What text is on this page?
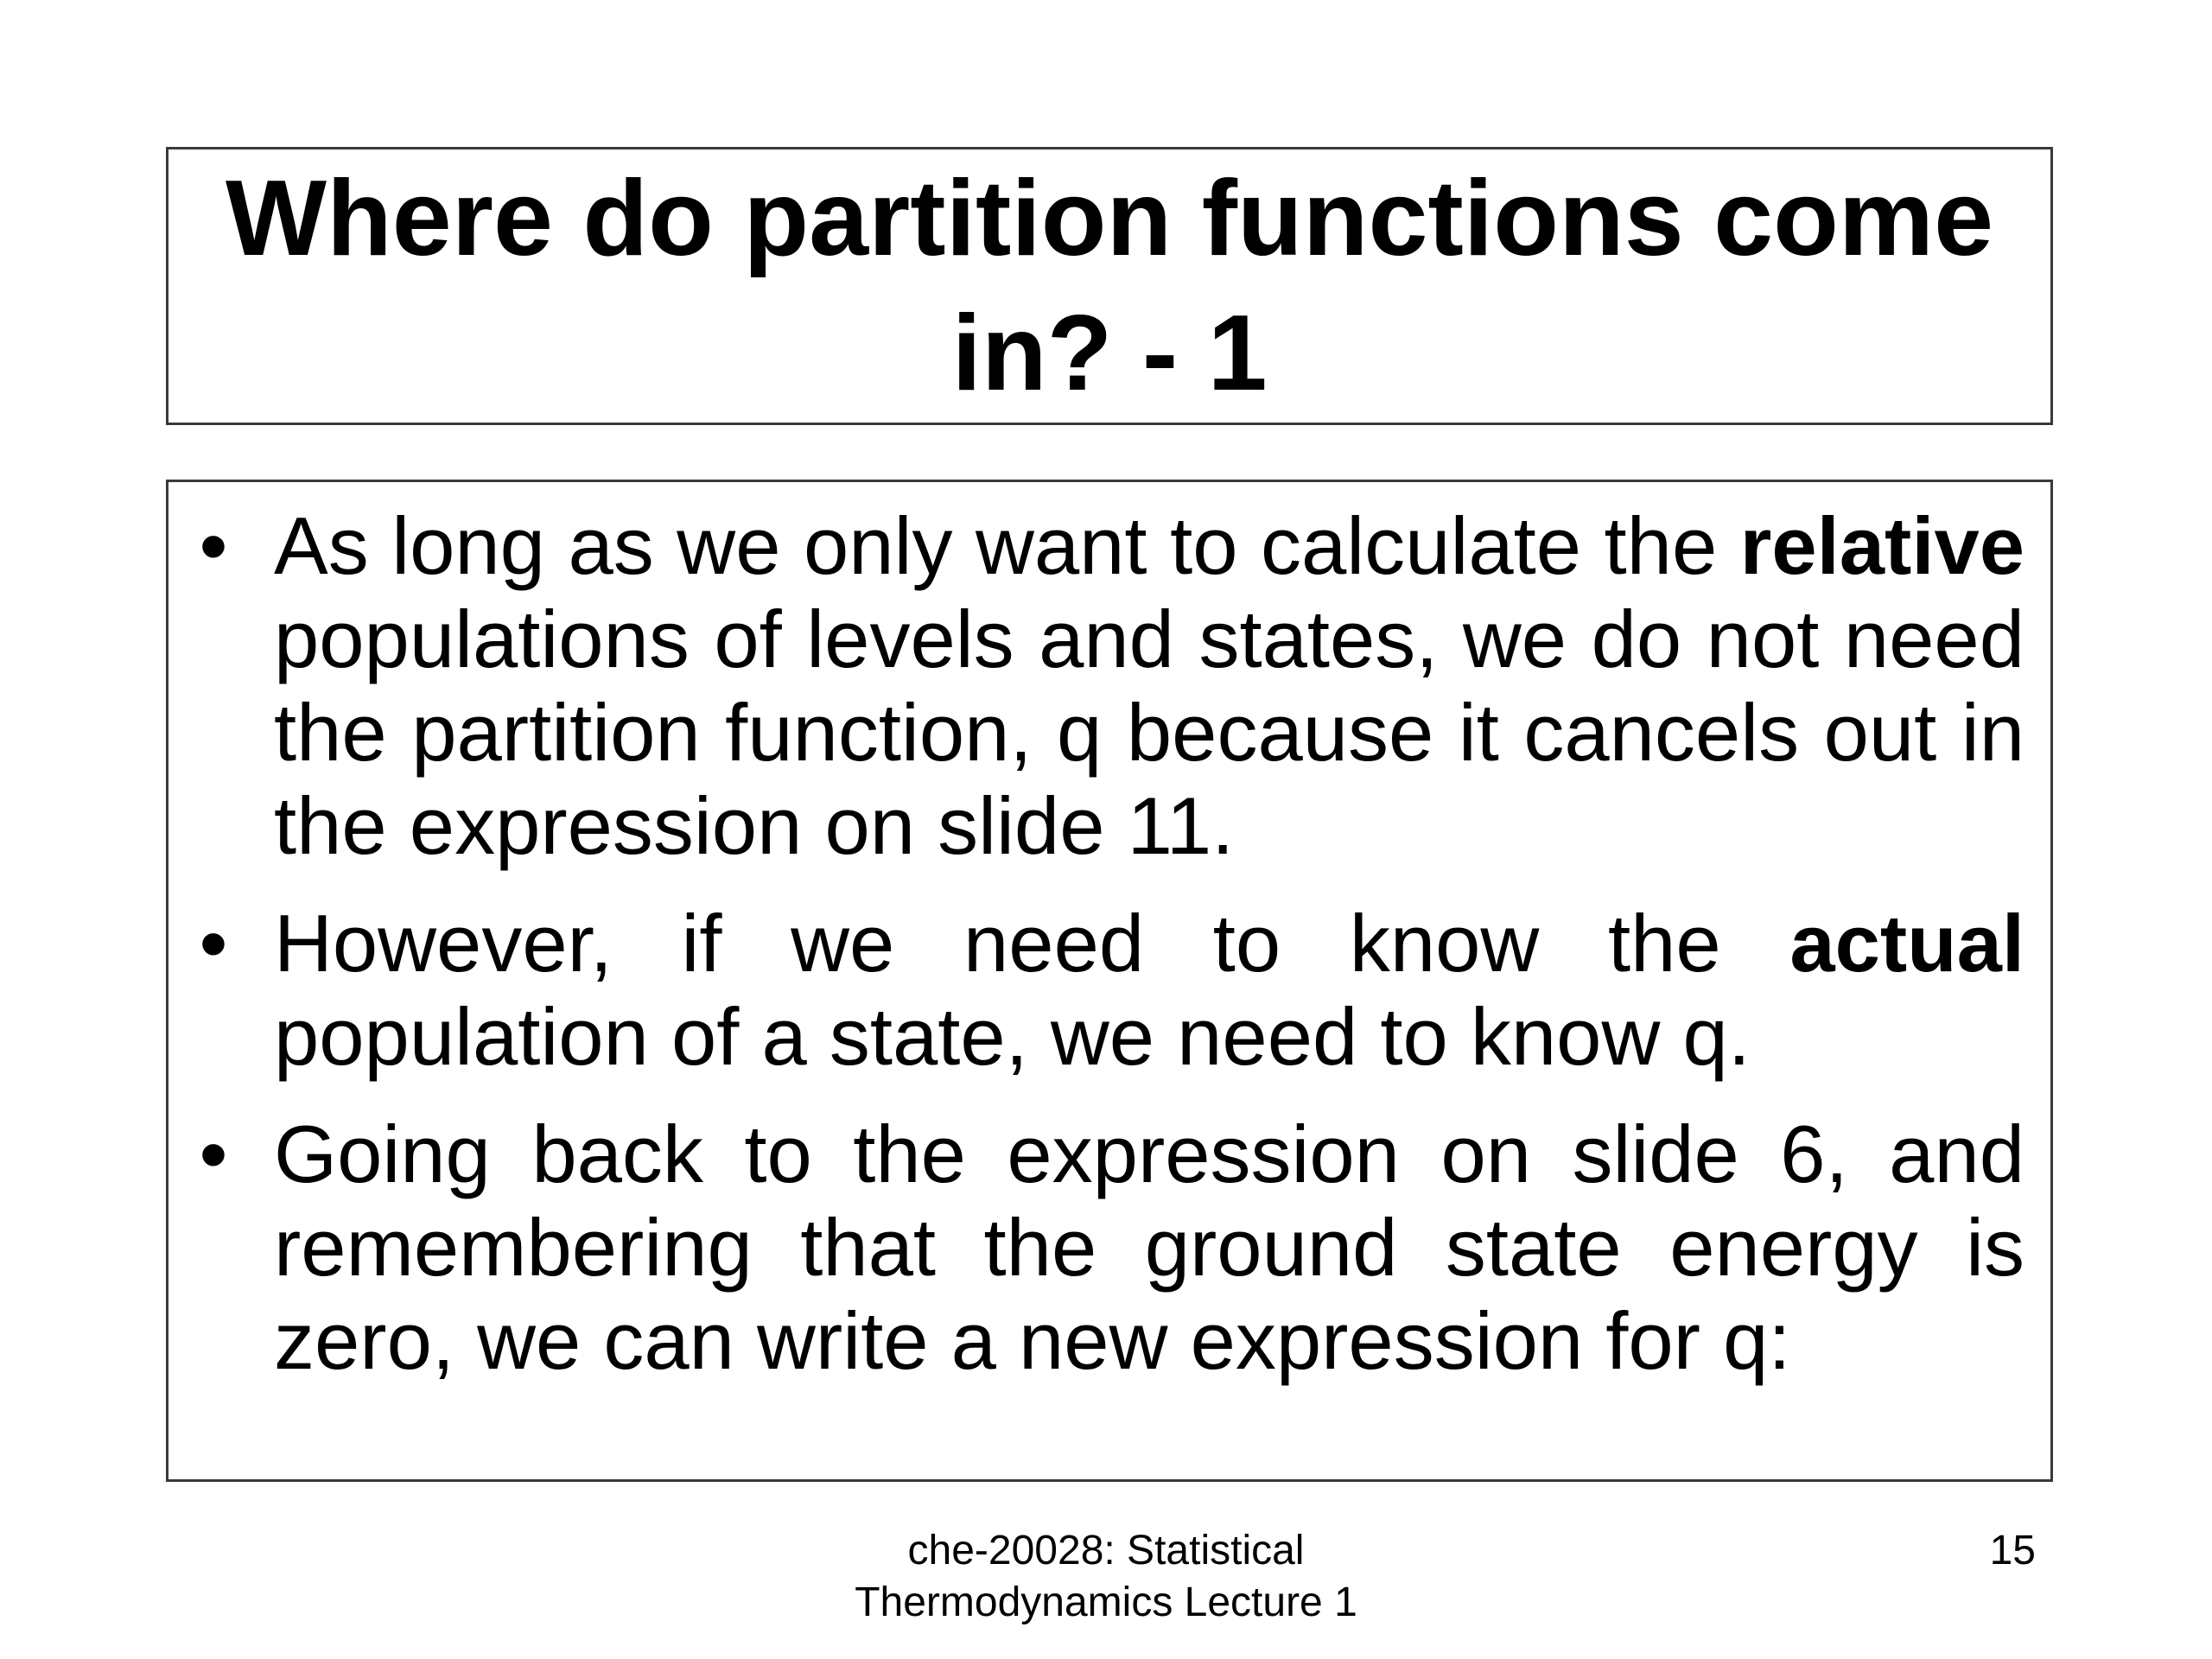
Where do partition functions come
in? - 1
• As long as we only want to calculate the relative populations of levels and states, we do not need the partition function, q because it cancels out in the expression on slide 11.
• However, if we need to know the actual population of a state, we need to know q.
• Going back to the expression on slide 6, and remembering that the ground state energy is zero, we can write a new expression for q:
che-20028: Statistical
Thermodynamics Lecture 1
15
